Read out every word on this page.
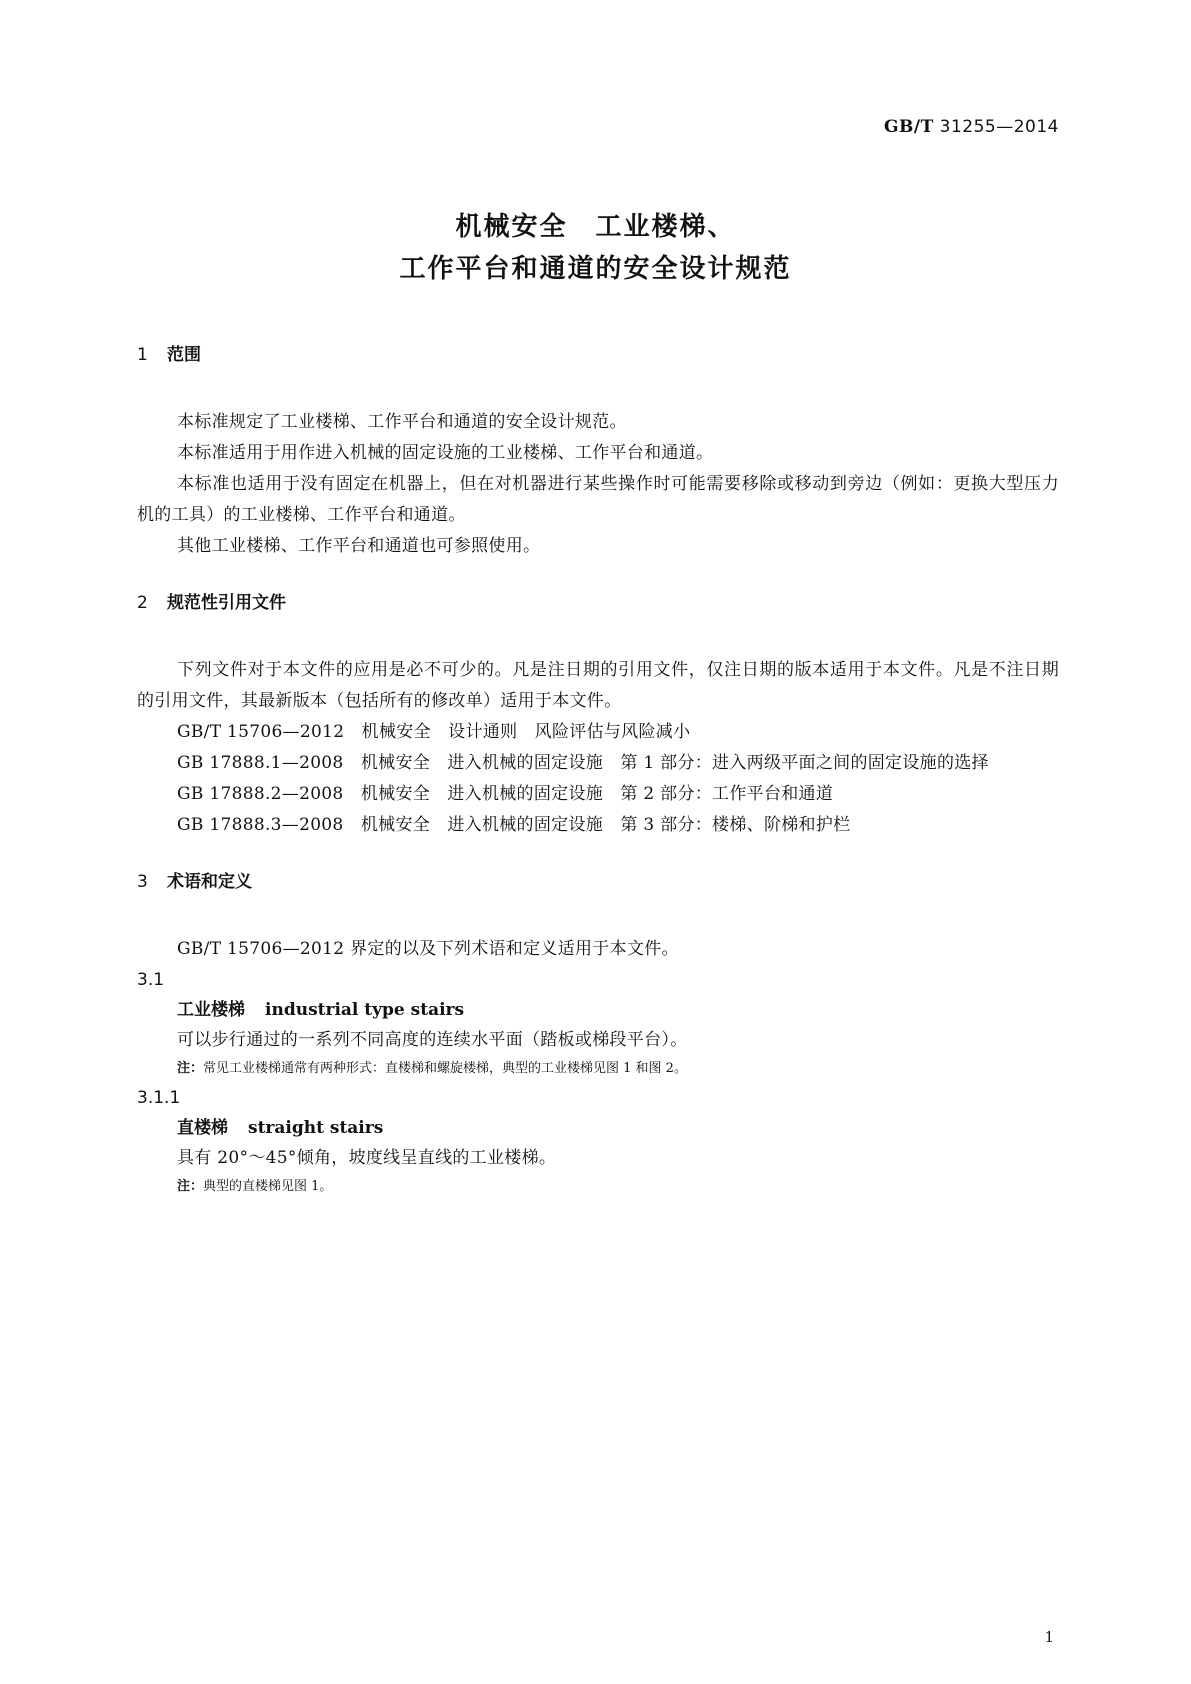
GB/T 31255—2014
机械安全　工业楼梯、
工作平台和通道的安全设计规范

1 范围

本标准规定了工业楼梯、工作平台和通道的安全设计规范。

本标准适用于用作进入机械的固定设施的工业楼梯、工作平台和通道。

本标准也适用于没有固定在机器上，但在对机器进行某些操作时可能需要移除或移动到旁边（例如：更换大型压力机的工具）的工业楼梯、工作平台和通道。

其他工业楼梯、工作平台和通道也可参照使用。

2 规范性引用文件

下列文件对于本文件的应用是必不可少的。凡是注日期的引用文件，仅注日期的版本适用于本文件。凡是不注日期的引用文件，其最新版本（包括所有的修改单）适用于本文件。

GB/T 15706—2012　机械安全　设计通则　风险评估与风险减小

GB 17888.1—2008　机械安全　进入机械的固定设施　第 1 部分：进入两级平面之间的固定设施的选择

GB 17888.2—2008　机械安全　进入机械的固定设施　第 2 部分：工作平台和通道

GB 17888.3—2008　机械安全　进入机械的固定设施　第 3 部分：楼梯、阶梯和护栏

3 术语和定义

GB/T 15706—2012 界定的以及下列术语和定义适用于本文件。

3.1

工业楼梯 industrial type stairs

可以步行通过的一系列不同高度的连续水平面（踏板或梯段平台）。

注：常见工业楼梯通常有两种形式：直楼梯和螺旋楼梯，典型的工业楼梯见图 1 和图 2。

3.1.1

直楼梯 straight stairs

具有 20°～45°倾角，坡度线呈直线的工业楼梯。

注：典型的直楼梯见图 1。

1
